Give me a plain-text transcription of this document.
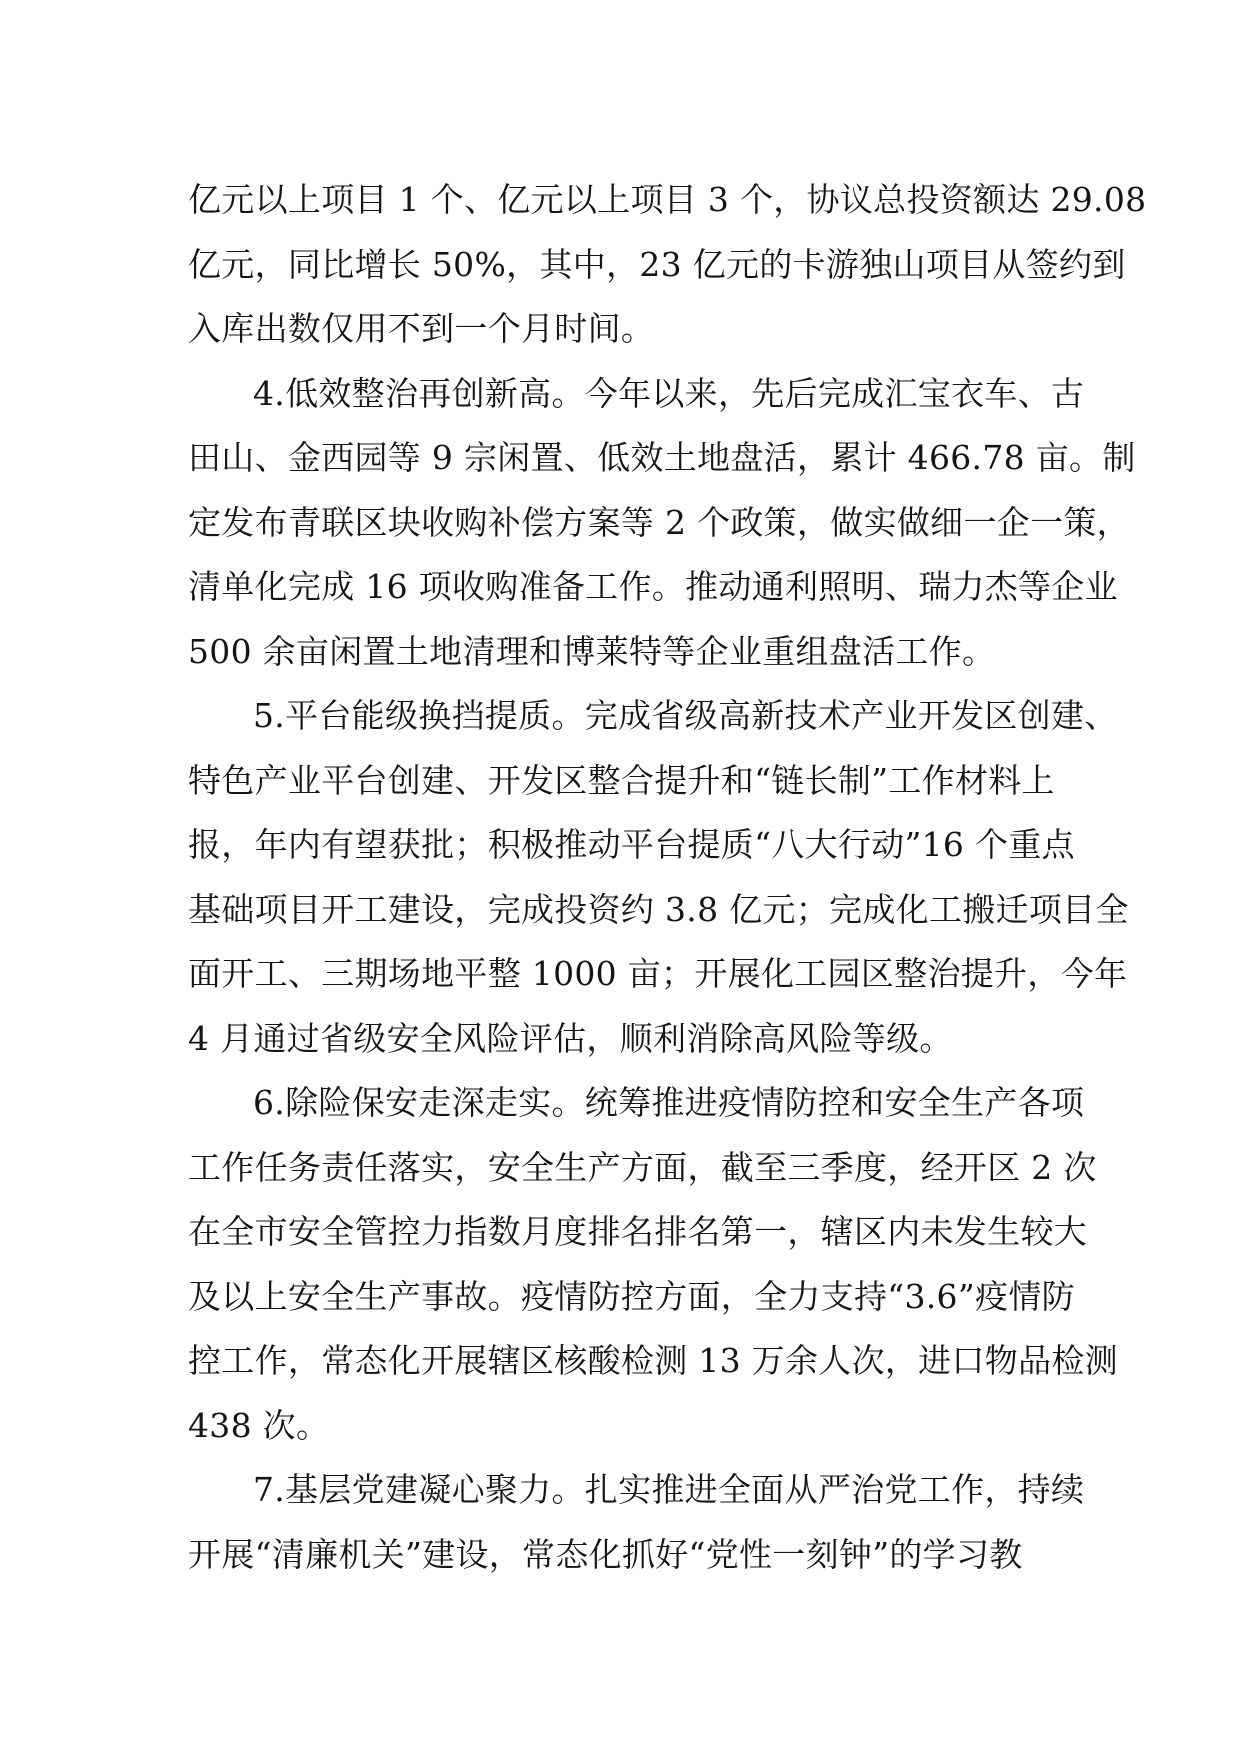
亿元以上项目 1 个、亿元以上项目 3 个，协议总投资额达 29.08
亿元，同比增长 50%，其中，23 亿元的卡游独山项目从签约到
入库出数仅用不到一个月时间。
4.低效整治再创新高。今年以来，先后完成汇宝衣车、古
田山、金西园等 9 宗闲置、低效土地盘活，累计 466.78 亩。制
定发布青联区块收购补偿方案等 2 个政策，做实做细一企一策，
清单化完成 16 项收购准备工作。推动通利照明、瑞力杰等企业
500 余亩闲置土地清理和博莱特等企业重组盘活工作。
5.平台能级换挡提质。完成省级高新技术产业开发区创建、
特色产业平台创建、开发区整合提升和“链长制”工作材料上
报，年内有望获批；积极推动平台提质“八大行动”16 个重点
基础项目开工建设，完成投资约 3.8 亿元；完成化工搬迁项目全
面开工、三期场地平整 1000 亩；开展化工园区整治提升，今年
4 月通过省级安全风险评估，顺利消除高风险等级。
6.除险保安走深走实。统筹推进疫情防控和安全生产各项
工作任务责任落实，安全生产方面，截至三季度，经开区 2 次
在全市安全管控力指数月度排名排名第一，辖区内未发生较大
及以上安全生产事故。疫情防控方面，全力支持“3.6”疫情防
控工作，常态化开展辖区核酸检测 13 万余人次，进口物品检测
438 次。
7.基层党建凝心聚力。扎实推进全面从严治党工作，持续
开展“清廉机关”建设，常态化抓好“党性一刻钟”的学习教
